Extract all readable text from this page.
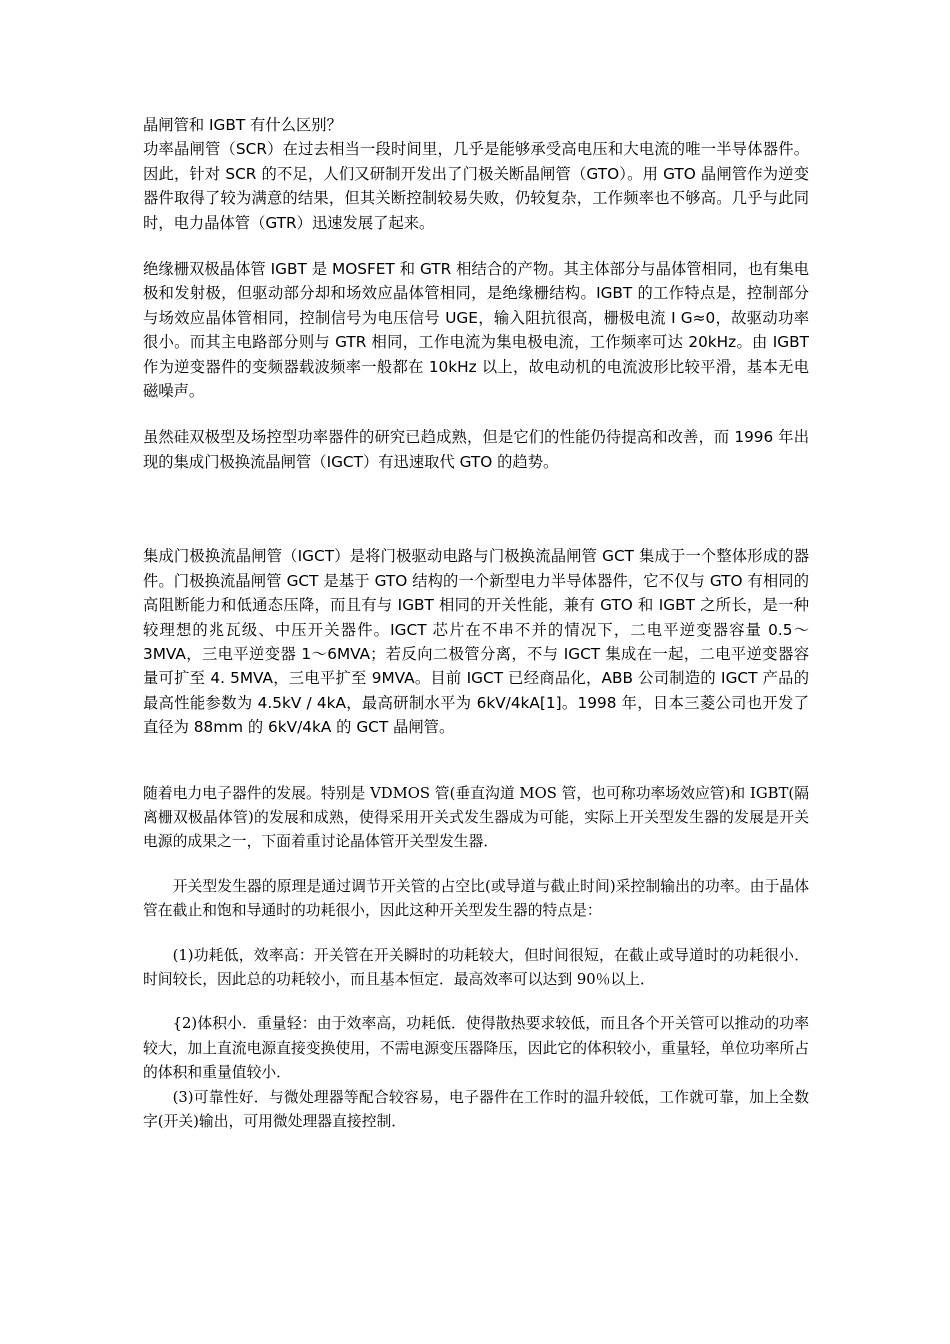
晶闸管和 IGBT 有什么区别？

功率晶闸管（SCR）在过去相当一段时间里，几乎是能够承受高电压和大电流的唯一半导体器件。因此，针对 SCR 的不足，人们又研制开发出了门极关断晶闸管（GTO）。用 GTO 晶闸管作为逆变器件取得了较为满意的结果，但其关断控制较易失败，仍较复杂，工作频率也不够高。几乎与此同时，电力晶体管（GTR）迅速发展了起来。

绝缘栅双极晶体管 IGBT 是 MOSFET 和 GTR 相结合的产物。其主体部分与晶体管相同，也有集电极和发射极，但驱动部分却和场效应晶体管相同，是绝缘栅结构。IGBT 的工作特点是，控制部分与场效应晶体管相同，控制信号为电压信号 UGE，输入阻抗很高，栅极电流 I G≈0，故驱动功率很小。而其主电路部分则与 GTR 相同，工作电流为集电极电流，工作频率可达 20kHz。由 IGBT 作为逆变器件的变频器载波频率一般都在 10kHz 以上，故电动机的电流波形比较平滑，基本无电磁噪声。

虽然硅双极型及场控型功率器件的研究已趋成熟，但是它们的性能仍待提高和改善，而 1996 年出现的集成门极换流晶闸管（IGCT）有迅速取代 GTO 的趋势。

集成门极换流晶闸管（IGCT）是将门极驱动电路与门极换流晶闸管 GCT 集成于一个整体形成的器件。门极换流晶闸管 GCT 是基于 GTO 结构的一个新型电力半导体器件，它不仅与 GTO 有相同的高阻断能力和低通态压降，而且有与 IGBT 相同的开关性能，兼有 GTO 和 IGBT 之所长，是一种较理想的兆瓦级、中压开关器件。IGCT 芯片在不串不并的情况下，二电平逆变器容量 0.5～3MVA，三电平逆变器 1～6MVA；若反向二极管分离，不与 IGCT 集成在一起，二电平逆变器容量可扩至 4. 5MVA，三电平扩至 9MVA。目前 IGCT 已经商品化，ABB 公司制造的 IGCT 产品的最高性能参数为 4.5kV / 4kA，最高研制水平为 6kV/4kA[1]。1998 年，日本三菱公司也开发了直径为 88mm 的 6kV/4kA 的 GCT 晶闸管。

随着电力电子器件的发展。特别是 VDMOS 管(垂直沟道 MOS 管，也可称功率场效应管)和 IGBT(隔离栅双极晶体管)的发展和成熟，使得采用开关式发生器成为可能，实际上开关型发生器的发展是开关电源的成果之一，下面着重讨论晶体管开关型发生器．

开关型发生器的原理是通过调节开关管的占空比(或导道与截止时间)采控制输出的功率。由于晶体管在截止和饱和导通时的功耗很小，因此这种开关型发生器的特点是：

(1)功耗低，效率高：开关管在开关瞬时的功耗较大，但时间很短，在截止或导道时的功耗很小．时间较长，因此总的功耗较小，而且基本恒定．最高效率可以达到 90％以上．

{2)体积小．重量轻：由于效率高，功耗低．使得散热要求较低，而且各个开关管可以推动的功率较大，加上直流电源直接变换使用，不需电源变压器降压，因此它的体积较小，重量轻，单位功率所占的体积和重量值较小．

(3)可靠性好．与微处理器等配合较容易，电子器件在工作时的温升较低，工作就可靠，加上全数字(开关)输出，可用微处理器直接控制．
